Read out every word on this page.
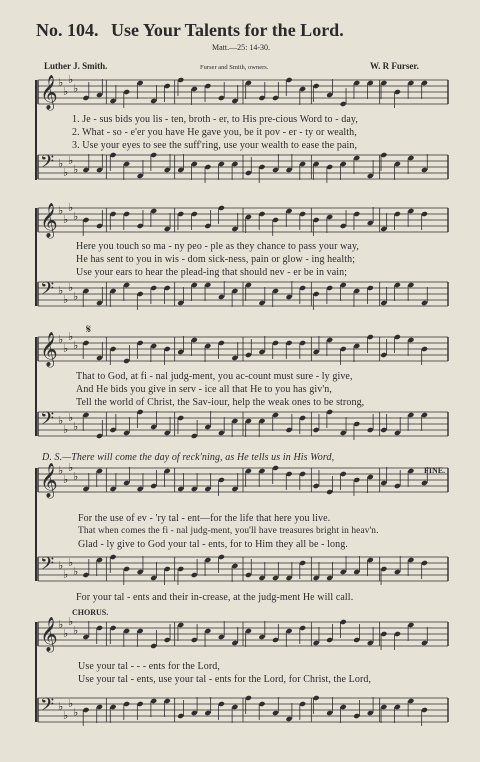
No. 104. Use Your Talents for the Lord.
Matt.—25: 14-30.
Luther J. Smith.	Furser and Smith, owners.	W. R Furser.
𝄞 ♭
♭
♭
♭
𝄢 ♭
♭
♭
♭
𝄞 ♭
♭
♭
♭
𝄢 ♭
♭
♭
♭
𝄞 ♭
♭
♭
♭
𝄢 ♭
♭
♭
♭
𝄞 ♭
♭
♭
♭
𝄢 ♭
♭
♭
♭
𝄞 ♭
♭
♭
♭
𝄢 ♭
♭
♭
♭
1. Je - sus bids you lis - ten, broth - er, to His pre-cious Word to - day,
2. What - so - e'er you have He gave you, be it pov - er - ty or wealth,
3. Use your eyes to see the suff'ring, use your wealth to ease the pain,
Here you touch so ma - ny peo - ple as they chance to pass your way,
He has sent to you in wis - dom sick-ness, pain or glow - ing health;
Use your ears to hear the plead-ing that should nev - er be in vain;
𝄋
That to God, at fi - nal judg-ment, you ac-count must sure - ly give,
And He bids you give in serv - ice all that He to you has giv'n,
Tell the world of Christ, the Sav-iour, help the weak ones to be strong,
D. S.—There will come the day of reck'ning, as He tells us in His Word,
FINE.
For the use of ev - 'ry tal - ent—for the life that here you live.
That when comes the fi - nal judg-ment, you'll have treasures bright in heav'n.
Glad - ly give to God your tal - ents, for to Him they all be - long.
For your tal - ents and their in-crease, at the judg-ment He will call.
CHORUS.
Use your tal - - - ents for the Lord,
Use your tal - ents, use your tal - ents for the Lord, for Christ, the Lord,
